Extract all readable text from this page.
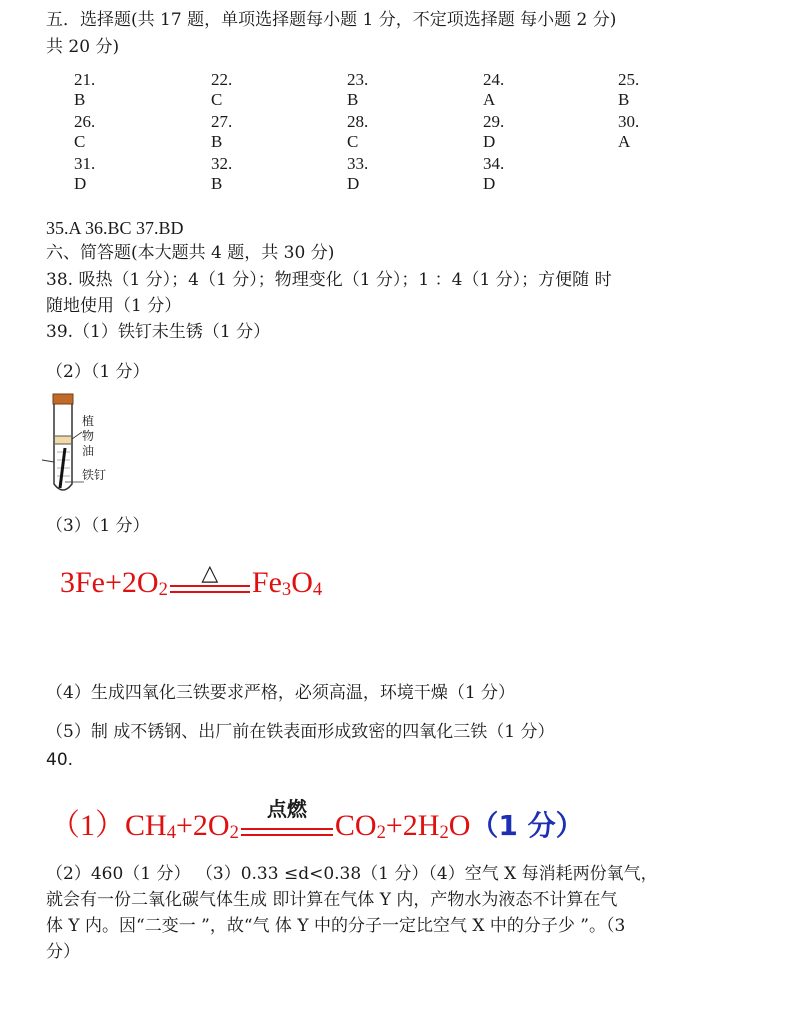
五．选择题(共 17 题，单项选择题每小题 1 分，不定项选择题 每小题 2 分)
共 20 分)
21. B
22. C
23. B
24. A
25. B
26. C
27. B
28. C
29. D
30. A
31. D
32. B
33. D
34. D
35.A 36.BC 37.BD
六、简答题(本大题共 4 题，共 30 分)
38. 吸热（1 分）；4（1 分）；物理变化（1 分）；1 ：4（1 分）；方便随 时
随地使用（1 分）
39.（1）铁钉未生锈（1 分）
（2）（1 分）
植
物
油
铁钉
（3）（1 分）
3Fe+2O2
△	Fe3O4
（4）生成四氧化三铁要求严格，必须高温，环境干燥（1 分）
（5）制 成不锈钢、出厂前在铁表面形成致密的四氧化三铁（1 分）
40.
（1）CH4+2O2
点燃 CO2+2H2O（1 分）
（2）460（1 分） （3）0.33 ≤d<0.38（1 分）（4）空气 X 每消耗两份氧气，
就会有一份二氧化碳气体生成 即计算在气体 Y 内，产物水为液态不计算在气
体 Y 内。因“二变一 ”，故“气 体 Y 中的分子一定比空气 X 中的分子少 ”。（3
分）
